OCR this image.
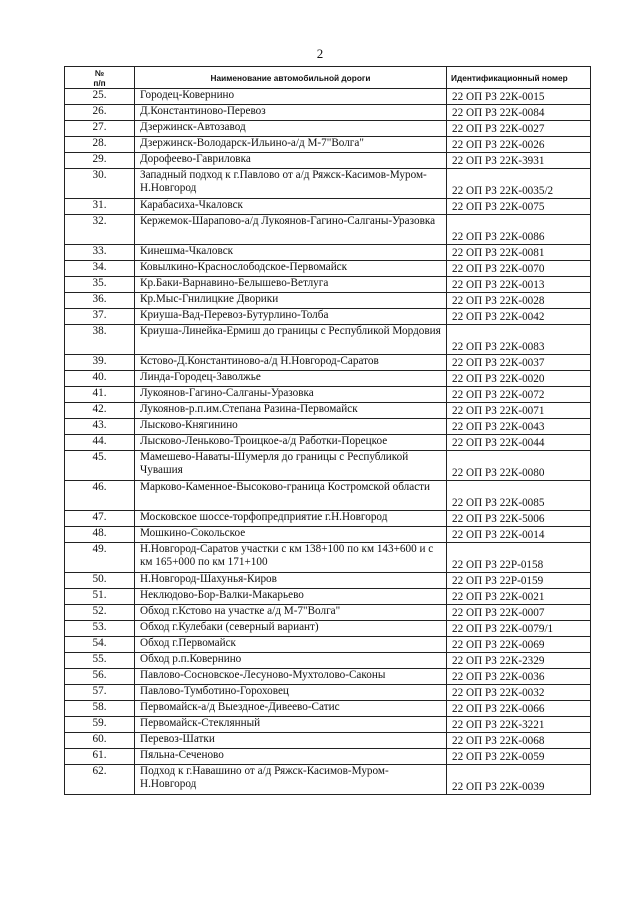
2
№
п/п	Наименование автомобильной дороги	Идентификационный номер
25.	Городец-Ковернино	22 ОП РЗ 22К-0015
26.	Д.Константиново-Перевоз	22 ОП РЗ 22К-0084
27.	Дзержинск-Автозавод	22 ОП РЗ 22К-0027
28.	Дзержинск-Володарск-Ильино-а/д М-7"Волга"	22 ОП РЗ 22К-0026
29.	Дорофеево-Гавриловка	22 ОП РЗ 22К-3931
30.	Западный подход к г.Павлово от а/д Ряжск-Касимов-Муром-Н.Новгород	22 ОП РЗ 22К-0035/2
31.	Карабасиха-Чкаловск	22 ОП РЗ 22К-0075
32.	Кержемок-Шарапово-а/д Лукоянов-Гагино-Салганы-Уразовка	22 ОП РЗ 22К-0086
33.	Кинешма-Чкаловск	22 ОП РЗ 22К-0081
34.	Ковылкино-Краснослободское-Первомайск	22 ОП РЗ 22К-0070
35.	Кр.Баки-Варнавино-Белышево-Ветлуга	22 ОП РЗ 22К-0013
36.	Кр.Мыс-Гнилицкие Дворики	22 ОП РЗ 22К-0028
37.	Криуша-Вад-Перевоз-Бутурлино-Толба	22 ОП РЗ 22К-0042
38.	Криуша-Линейка-Ермиш до границы с Республикой Мордовия	22 ОП РЗ 22К-0083
39.	Кстово-Д.Константиново-а/д Н.Новгород-Саратов	22 ОП РЗ 22К-0037
40.	Линда-Городец-Заволжье	22 ОП РЗ 22К-0020
41.	Лукоянов-Гагино-Салганы-Уразовка	22 ОП РЗ 22К-0072
42.	Лукоянов-р.п.им.Степана Разина-Первомайск	22 ОП РЗ 22К-0071
43.	Лысково-Княгинино	22 ОП РЗ 22К-0043
44.	Лысково-Леньково-Троицкое-а/д Работки-Порецкое	22 ОП РЗ 22К-0044
45.	Мамешево-Наваты-Шумерля до границы с Республикой Чувашия	22 ОП РЗ 22К-0080
46.	Марково-Каменное-Высоково-граница Костромской области	22 ОП РЗ 22К-0085
47.	Московское шоссе-торфопредприятие г.Н.Новгород	22 ОП РЗ 22К-5006
48.	Мошкино-Сокольское	22 ОП РЗ 22К-0014
49.	Н.Новгород-Саратов участки с км 138+100 по км 143+600 и с км 165+000 по км 171+100	22 ОП РЗ 22Р-0158
50.	Н.Новгород-Шахунья-Киров	22 ОП РЗ 22Р-0159
51.	Неклюдово-Бор-Валки-Макарьево	22 ОП РЗ 22К-0021
52.	Обход г.Кстово на участке а/д М-7"Волга"	22 ОП РЗ 22К-0007
53.	Обход г.Кулебаки (северный вариант)	22 ОП РЗ 22К-0079/1
54.	Обход г.Первомайск	22 ОП РЗ 22К-0069
55.	Обход р.п.Ковернино	22 ОП РЗ 22К-2329
56.	Павлово-Сосновское-Лесуново-Мухтолово-Саконы	22 ОП РЗ 22К-0036
57.	Павлово-Тумботино-Гороховец	22 ОП РЗ 22К-0032
58.	Первомайск-а/д Выездное-Дивеево-Сатис	22 ОП РЗ 22К-0066
59.	Первомайск-Стеклянный	22 ОП РЗ 22К-3221
60.	Перевоз-Шатки	22 ОП РЗ 22К-0068
61.	Пяльна-Сеченово	22 ОП РЗ 22К-0059
62.	Подход к г.Навашино от а/д Ряжск-Касимов-Муром-Н.Новгород	22 ОП РЗ 22К-0039
